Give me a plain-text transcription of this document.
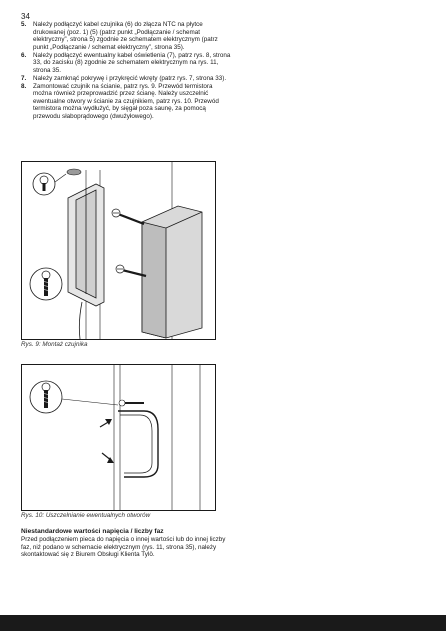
34
5.	Należy podłączyć kabel czujnika (6) do złącza NTC na płytce drukowanej (poz. 1) (5) (patrz punkt „Podłączanie / schemat elektryczny”, strona 5) zgodnie ze schematem elektrycznym (patrz punkt „Podłączanie / schemat elektryczny”, strona 35).
6.	Należy podłączyć ewentualny kabel oświetlenia (7), patrz rys. 8, strona 33, do zacisku (8) zgodnie ze schematem elektrycznym na rys. 11, strona 35.
7.	Należy zamknąć pokrywę i przykręcić wkręty (patrz rys. 7, strona 33).
8.	Zamontować czujnik na ścianie, patrz rys. 9. Przewód termistora można również przeprowadzić przez ścianę. Należy uszczelnić ewentualne otwory w ścianie za czujnikiem, patrz rys. 10. Przewód termistora można wydłużyć, by sięgał poza saunę, za pomocą przewodu słaboprądowego (dwużyłowego).
Rys. 9: Montaż czujnika
Rys. 10: Uszczelnianie ewentualnych otworów
Niestandardowe wartości napięcia / liczby faz

Przed podłączeniem pieca do napięcia o innej wartości lub do innej liczby faz, niż podano w schemacie elektrycznym (rys. 11, strona 35), należy skontaktować się z Biurem Obsługi Klienta Tylö.
